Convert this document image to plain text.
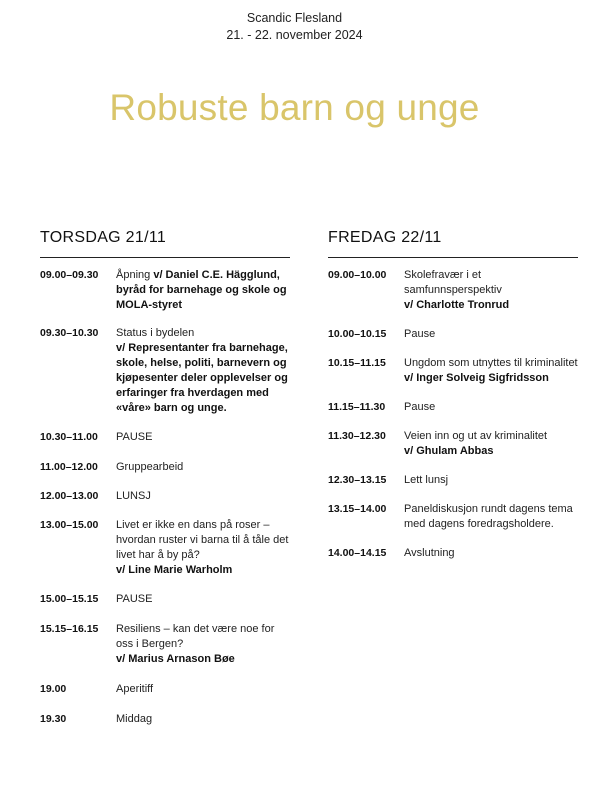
Scandic Flesland
21. - 22. november 2024
Robuste barn og unge
TORSDAG 21/11
09.00–09.30	Åpning v/ Daniel C.E. Hägglund, byråd for barnehage og skole og MOLA-styret
09.30–10.30	Status i bydelen
v/ Representanter fra barnehage, skole, helse, politi, barnevern og kjøpesenter deler opplevelser og erfaringer fra hverdagen med «våre» barn og unge.
10.30–11.00	PAUSE
11.00–12.00	Gruppearbeid
12.00–13.00	LUNSJ
13.00–15.00	Livet er ikke en dans på roser – hvordan ruster vi barna til å tåle det livet har å by på?
v/ Line Marie Warholm
15.00–15.15	PAUSE
15.15–16.15	Resiliens – kan det være noe for oss i Bergen?
v/ Marius Arnason Bøe
19.00	Aperitiff
19.30	Middag
FREDAG 22/11
09.00–10.00	Skolefravær i et samfunnsperspektiv
v/ Charlotte Tronrud
10.00–10.15	Pause
10.15–11.15	Ungdom som utnyttes til kriminalitet
v/ Inger Solveig Sigfridsson
11.15–11.30	Pause
11.30–12.30	Veien inn og ut av kriminalitet
v/ Ghulam Abbas
12.30–13.15	Lett lunsj
13.15–14.00	Paneldiskusjon rundt dagens tema med dagens foredragsholdere.
14.00–14.15	Avslutning
